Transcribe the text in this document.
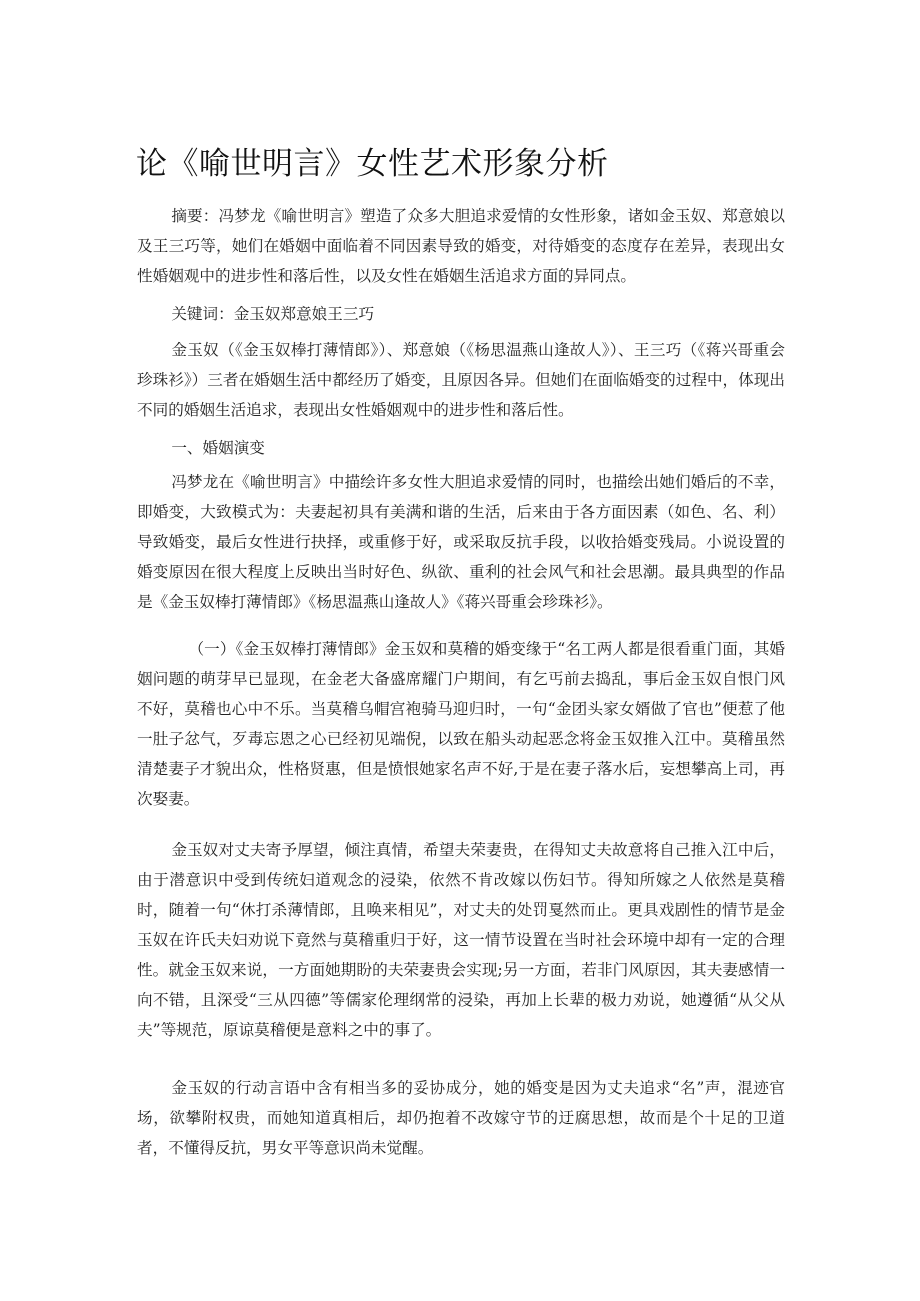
论《喻世明言》女性艺术形象分析

摘要：冯梦龙《喻世明言》塑造了众多大胆追求爱情的女性形象，诸如金玉奴、郑意娘以及王三巧等，她们在婚姻中面临着不同因素导致的婚变，对待婚变的态度存在差异，表现出女性婚姻观中的进步性和落后性，以及女性在婚姻生活追求方面的异同点。

关键词：金玉奴郑意娘王三巧

金玉奴（《金玉奴棒打薄情郎》）、郑意娘（《杨思温燕山逢故人》）、王三巧（《蒋兴哥重会珍珠衫》）三者在婚姻生活中都经历了婚变，且原因各异。但她们在面临婚变的过程中，体现出不同的婚姻生活追求，表现出女性婚姻观中的进步性和落后性。

一、婚姻演变

冯梦龙在《喻世明言》中描绘许多女性大胆追求爱情的同时，也描绘出她们婚后的不幸，即婚变，大致模式为：夫妻起初具有美满和谐的生活，后来由于各方面因素（如色、名、利）导致婚变，最后女性进行抉择，或重修于好，或采取反抗手段，以收拾婚变残局。小说设置的婚变原因在很大程度上反映出当时好色、纵欲、重利的社会风气和社会思潮。最具典型的作品是《金玉奴棒打薄情郎》《杨思温燕山逢故人》《蒋兴哥重会珍珠衫》。

（一）《金玉奴棒打薄情郎》金玉奴和莫稽的婚变缘于“名工两人都是很看重门面，其婚姻问题的萌芽早已显现，在金老大备盛席耀门户期间，有乞丐前去捣乱，事后金玉奴自恨门风不好，莫稽也心中不乐。当莫稽乌帽宫袍骑马迎归时，一句“金团头家女婿做了官也”便惹了他一肚子忿气，歹毒忘恩之心已经初见端倪，以致在船头动起恶念将金玉奴推入江中。莫稽虽然清楚妻子才貌出众，性格贤惠，但是愤恨她家名声不好,于是在妻子落水后，妄想攀高上司，再次娶妻。

金玉奴对丈夫寄予厚望，倾注真情，希望夫荣妻贵，在得知丈夫故意将自己推入江中后，由于潜意识中受到传统妇道观念的浸染，依然不肯改嫁以伤妇节。得知所嫁之人依然是莫稽时，随着一句“休打杀薄情郎，且唤来相见”，对丈夫的处罚戛然而止。更具戏剧性的情节是金玉奴在许氏夫妇劝说下竟然与莫稽重归于好，这一情节设置在当时社会环境中却有一定的合理性。就金玉奴来说，一方面她期盼的夫荣妻贵会实现;另一方面，若非门风原因，其夫妻感情一向不错，且深受“三从四德”等儒家伦理纲常的浸染，再加上长辈的极力劝说，她遵循“从父从夫”等规范，原谅莫稽便是意料之中的事了。

金玉奴的行动言语中含有相当多的妥协成分，她的婚变是因为丈夫追求“名”声，混迹官场，欲攀附权贵，而她知道真相后，却仍抱着不改嫁守节的迂腐思想，故而是个十足的卫道者，不懂得反抗，男女平等意识尚未觉醒。
